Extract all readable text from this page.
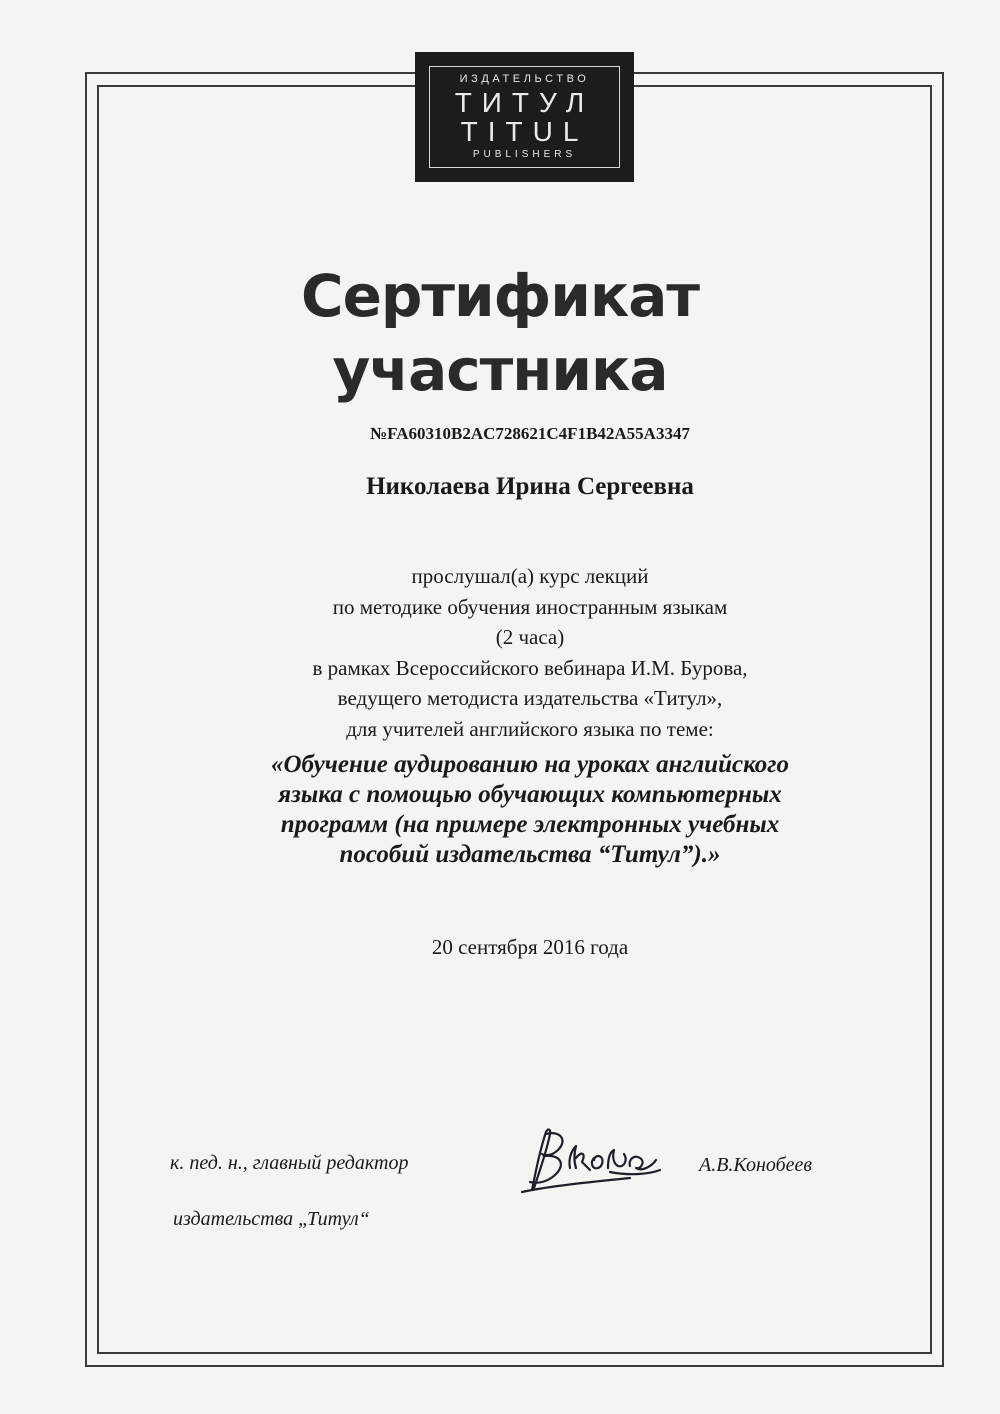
ИЗДАТЕЛЬСТВО
ТИТУЛ
TITUL
PUBLISHERS
Сертификат
участника
№FA60310B2AC728621C4F1B42A55A3347
Николаева Ирина Сергеевна
прослушал(а) курс лекций
по методике обучения иностранным языкам
(2 часа)
в рамках Всероссийского вебинара И.М. Бурова,
ведущего методиста издательства «Титул»,
для учителей английского языка по теме:
«Обучение аудированию на уроках английского
языка с помощью обучающих компьютерных
программ (на примере электронных учебных
пособий издательства “Титул”).»
20 сентября 2016 года
к. пед. н., главный редактор
издательства „Титул“
А.В.Конобеев
